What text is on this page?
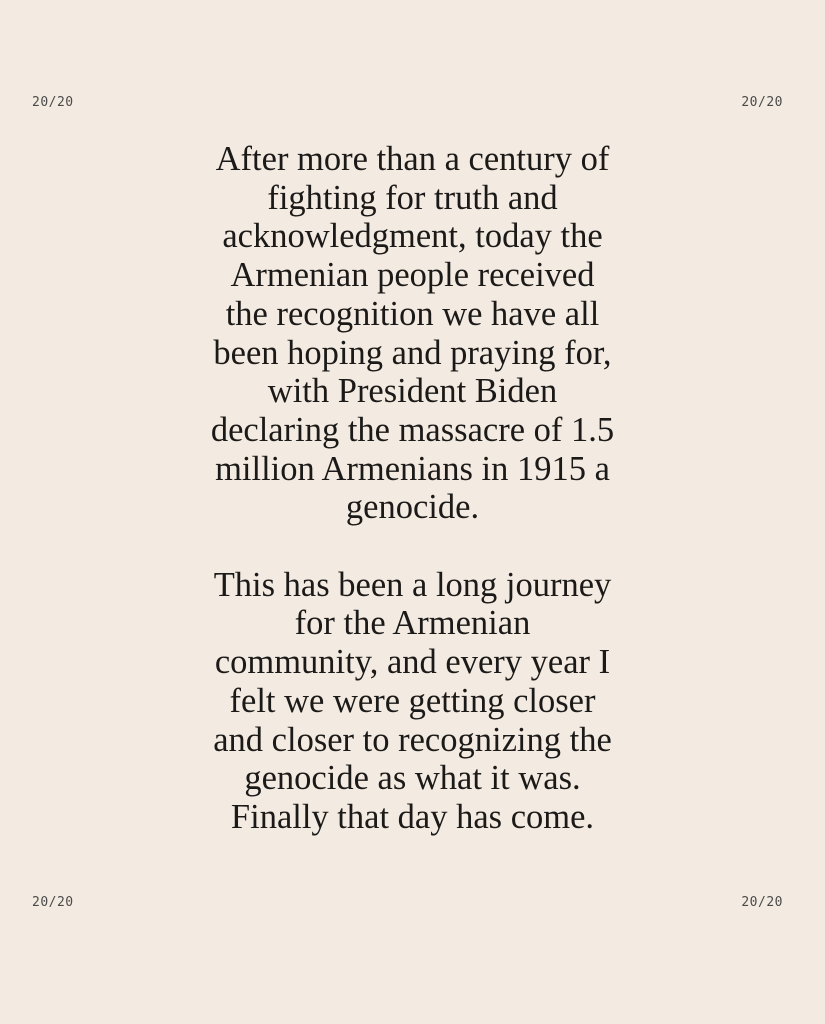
20/20	20/20
20/20	20/20

After more than a century of
fighting for truth and
acknowledgment, today the
Armenian people received
the recognition we have all
been hoping and praying for,
with President Biden
declaring the massacre of 1.5
million Armenians in 1915 a
genocide.

This has been a long journey
for the Armenian
community, and every year I
felt we were getting closer
and closer to recognizing the
genocide as what it was.
Finally that day has come.
